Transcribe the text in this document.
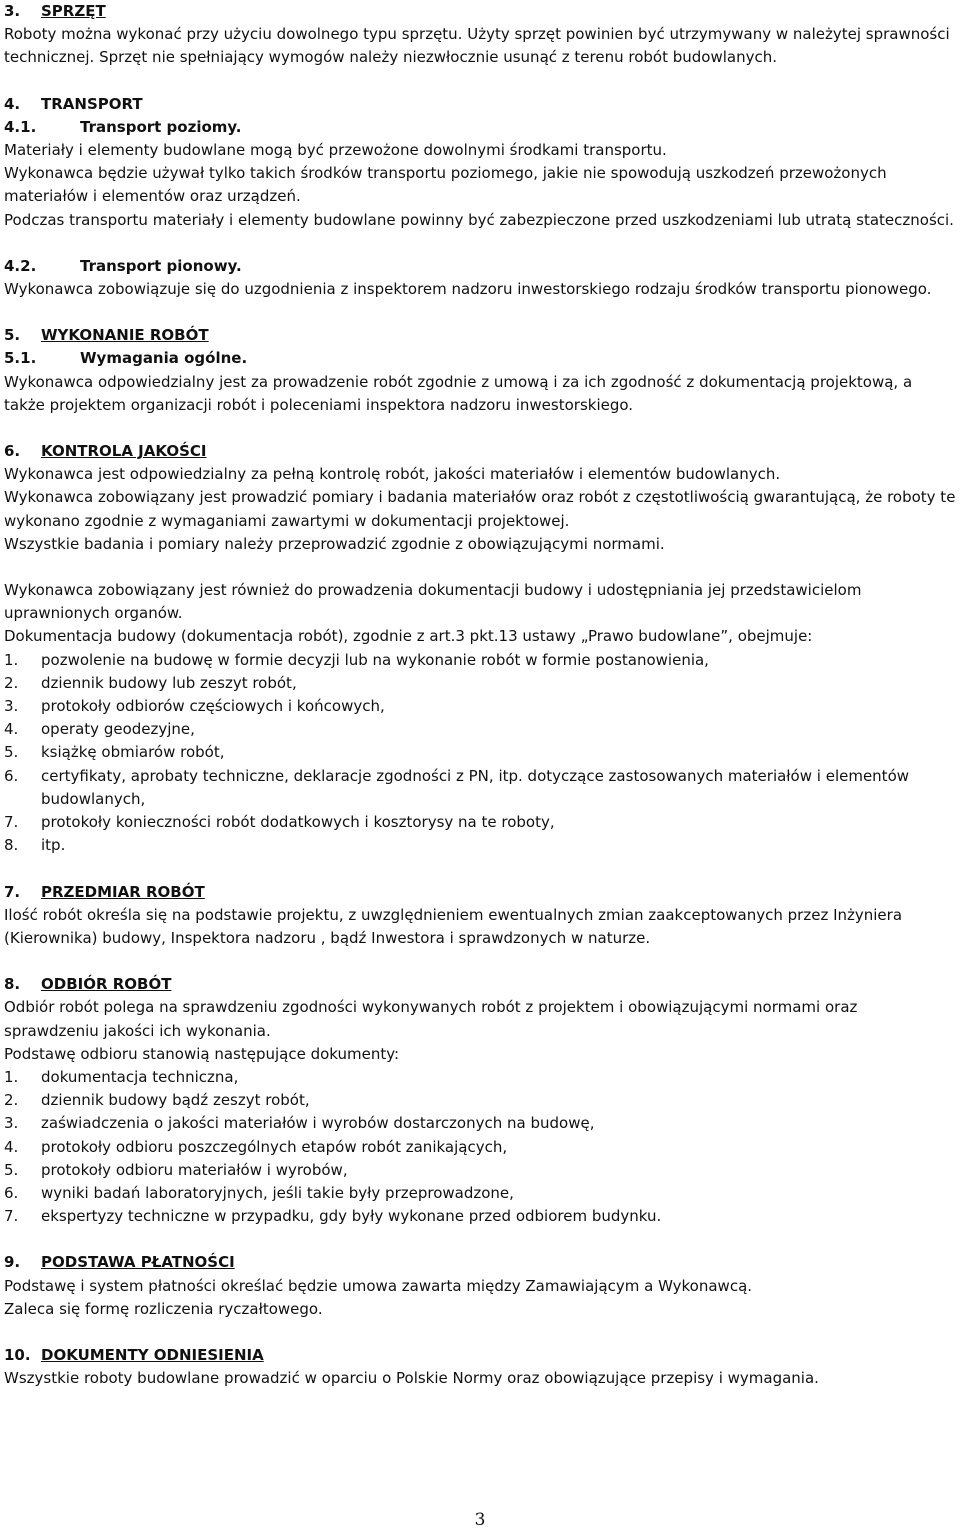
3.	SPRZĘT

Roboty można wykonać przy użyciu dowolnego typu sprzętu. Użyty sprzęt powinien być utrzymywany w należytej sprawności technicznej. Sprzęt nie spełniający wymogów należy niezwłocznie usunąć z terenu robót budowlanych.

4.	TRANSPORT
4.1.	Transport poziomy.

Materiały i elementy budowlane mogą być przewożone dowolnymi środkami transportu.

Wykonawca będzie używał tylko takich środków transportu poziomego, jakie nie spowodują uszkodzeń przewożonych materiałów i elementów oraz urządzeń.

Podczas transportu materiały i elementy budowlane powinny być zabezpieczone przed uszkodzeniami lub utratą stateczności.

4.2.	Transport pionowy.

Wykonawca zobowiązuje się do uzgodnienia z inspektorem nadzoru inwestorskiego rodzaju środków transportu pionowego.

5.	WYKONANIE ROBÓT
5.1.	Wymagania ogólne.

Wykonawca odpowiedzialny jest za prowadzenie robót zgodnie z umową i za ich zgodność z dokumentacją projektową, a także projektem organizacji robót i poleceniami inspektora nadzoru inwestorskiego.

6.	KONTROLA JAKOŚCI

Wykonawca jest odpowiedzialny za pełną kontrolę robót, jakości materiałów i elementów budowlanych.

Wykonawca zobowiązany jest prowadzić pomiary i badania materiałów oraz robót z częstotliwością gwarantującą, że roboty te wykonano zgodnie z wymaganiami zawartymi w dokumentacji projektowej.

Wszystkie badania i pomiary należy przeprowadzić zgodnie z obowiązującymi normami.

Wykonawca zobowiązany jest również do prowadzenia dokumentacji budowy i udostępniania jej przedstawicielom uprawnionych organów.

Dokumentacja budowy (dokumentacja robót), zgodnie z art.3 pkt.13 ustawy „Prawo budowlane”, obejmuje:

1.	pozwolenie na budowę w formie decyzji lub na wykonanie robót w formie postanowienia,
2.	dziennik budowy lub zeszyt robót,
3.	protokoły odbiorów częściowych i końcowych,
4.	operaty geodezyjne,
5.	książkę obmiarów robót,
6.	certyfikaty, aprobaty techniczne, deklaracje zgodności z PN, itp. dotyczące zastosowanych materiałów i elementów budowlanych,
7.	protokoły konieczności robót dodatkowych i kosztorysy na te roboty,
8.	itp.
7.	PRZEDMIAR ROBÓT

Ilość robót określa się na podstawie projektu, z uwzględnieniem ewentualnych zmian zaakceptowanych przez Inżyniera (Kierownika) budowy, Inspektora nadzoru , bądź Inwestora i sprawdzonych w naturze.

8.	ODBIÓR ROBÓT

Odbiór robót polega na sprawdzeniu zgodności wykonywanych robót z projektem i obowiązującymi normami oraz sprawdzeniu jakości ich wykonania.

Podstawę odbioru stanowią następujące dokumenty:

1.	dokumentacja techniczna,
2.	dziennik budowy bądź zeszyt robót,
3.	zaświadczenia o jakości materiałów i wyrobów dostarczonych na budowę,
4.	protokoły odbioru poszczególnych etapów robót zanikających,
5.	protokoły odbioru materiałów i wyrobów,
6.	wyniki badań laboratoryjnych, jeśli takie były przeprowadzone,
7.	ekspertyzy techniczne w przypadku, gdy były wykonane przed odbiorem budynku.
9.	PODSTAWA PŁATNOŚCI

Podstawę i system płatności określać będzie umowa zawarta między Zamawiającym a Wykonawcą.

Zaleca się formę rozliczenia ryczałtowego.

10. DOKUMENTY ODNIESIENIA

Wszystkie roboty budowlane prowadzić w oparciu o Polskie Normy oraz obowiązujące przepisy i wymagania.

3
